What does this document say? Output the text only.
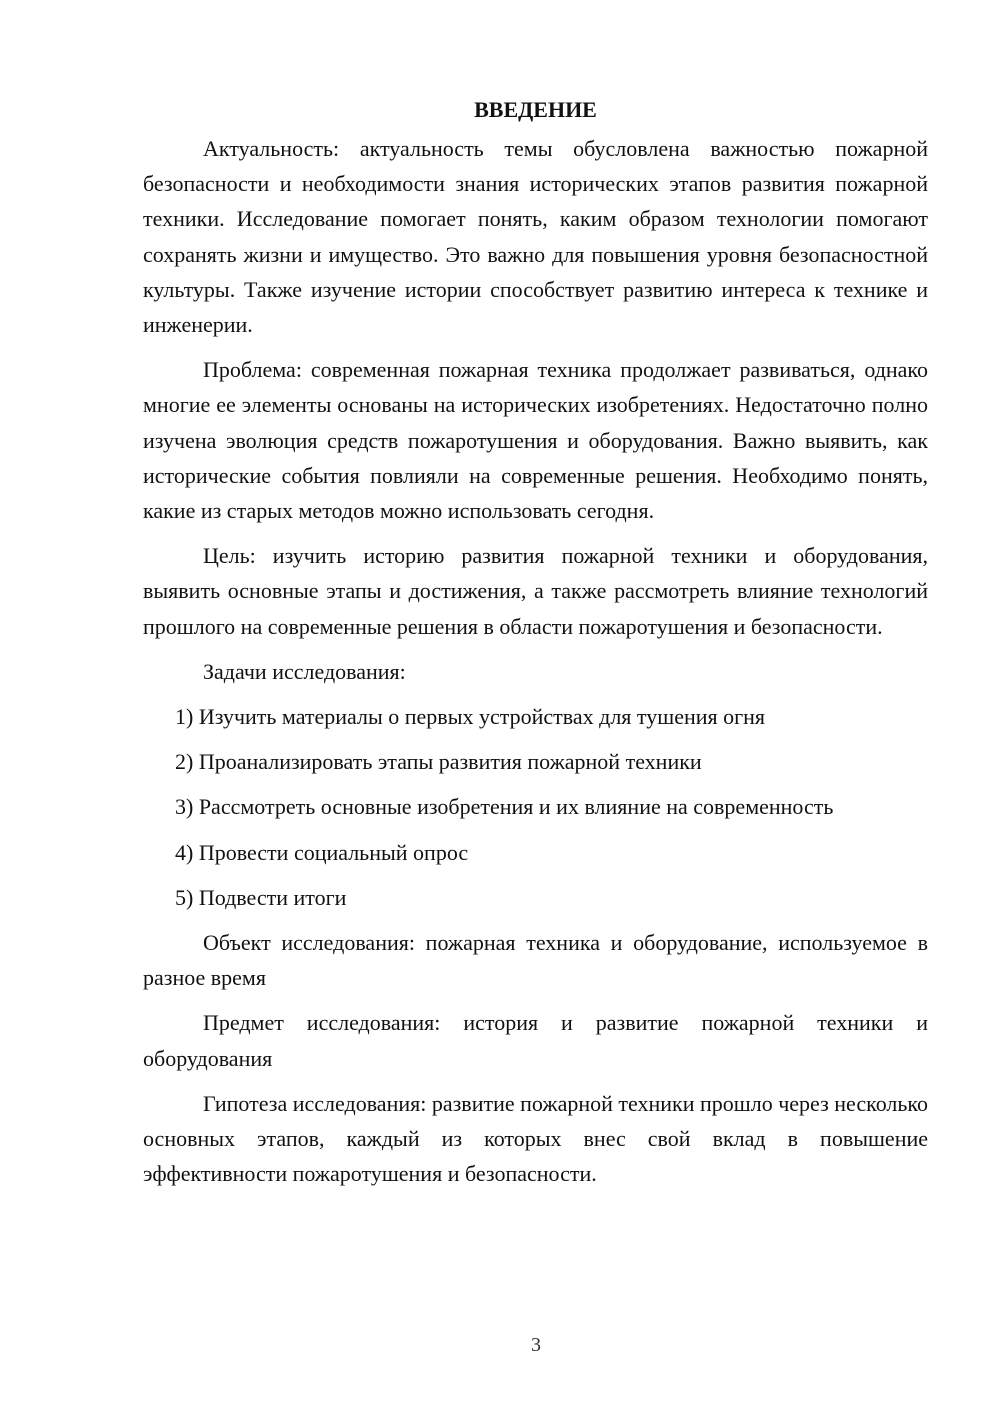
ВВЕДЕНИЕ

Актуальность: актуальность темы обусловлена важностью пожарной безопасности и необходимости знания исторических этапов развития пожарной техники. Исследование помогает понять, каким образом технологии помогают сохранять жизни и имущество. Это важно для повышения уровня безопасностной культуры. Также изучение истории способствует развитию интереса к технике и инженерии.

Проблема: современная пожарная техника продолжает развиваться, однако многие ее элементы основаны на исторических изобретениях. Недостаточно полно изучена эволюция средств пожаротушения и оборудования. Важно выявить, как исторические события повлияли на современные решения. Необходимо понять, какие из старых методов можно использовать сегодня.

Цель: изучить историю развития пожарной техники и оборудования, выявить основные этапы и достижения, а также рассмотреть влияние технологий прошлого на современные решения в области пожаротушения и безопасности.

Задачи исследования:

1) Изучить материалы о первых устройствах для тушения огня
2) Проанализировать этапы развития пожарной техники
3) Рассмотреть основные изобретения и их влияние на современность
4) Провести социальный опрос
5) Подвести итоги

Объект исследования: пожарная техника и оборудование, используемое в разное время

Предмет исследования: история и развитие пожарной техники и оборудования

Гипотеза исследования: развитие пожарной техники прошло через несколько основных этапов, каждый из которых внес свой вклад в повышение эффективности пожаротушения и безопасности.

3
